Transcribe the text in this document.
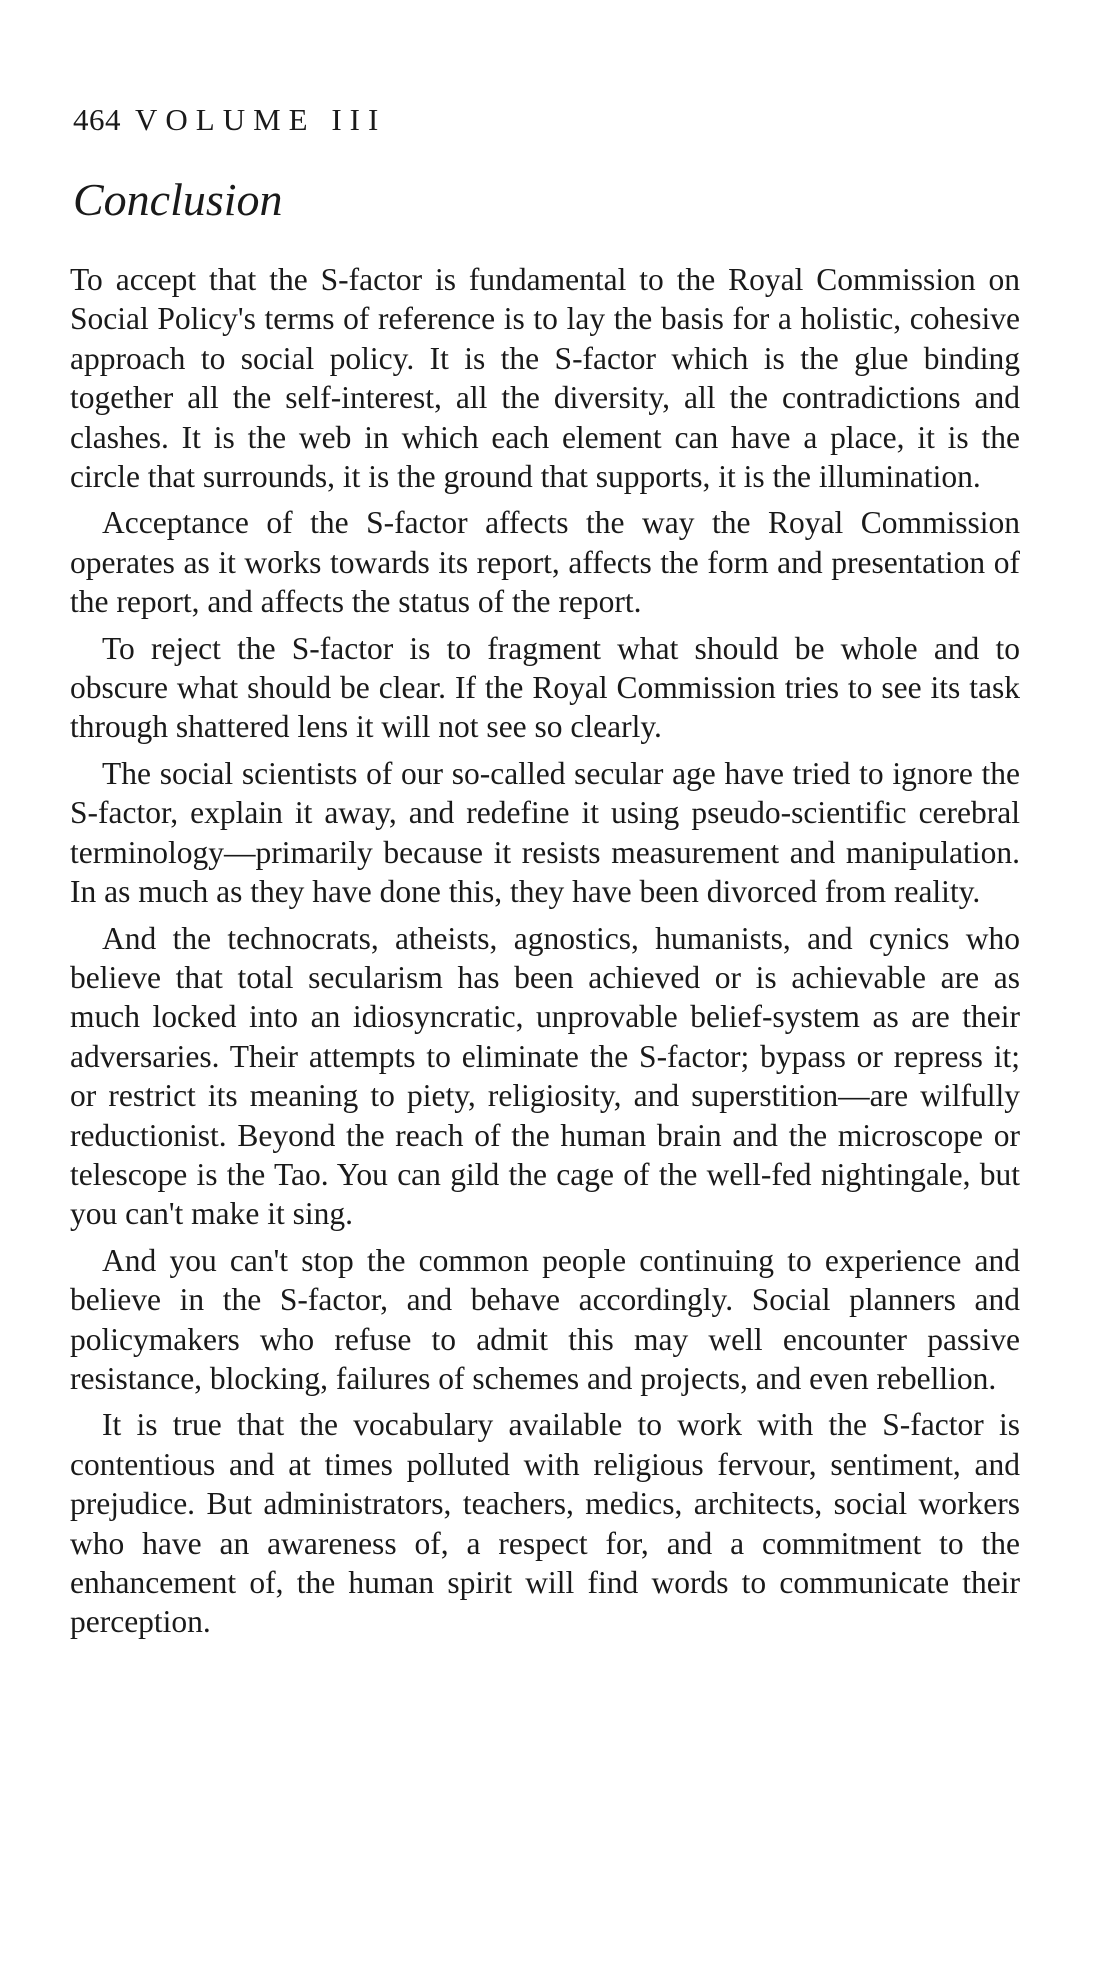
464 VOLUME III
Conclusion

To accept that the S-factor is fundamental to the Royal Commission on Social Policy's terms of reference is to lay the basis for a holistic, cohesive approach to social policy. It is the S-factor which is the glue binding together all the self-interest, all the diversity, all the contradictions and clashes. It is the web in which each element can have a place, it is the circle that surrounds, it is the ground that supports, it is the illumination.

Acceptance of the S-factor affects the way the Royal Commission operates as it works towards its report, affects the form and presentation of the report, and affects the status of the report.

To reject the S-factor is to fragment what should be whole and to obscure what should be clear. If the Royal Commission tries to see its task through shattered lens it will not see so clearly.

The social scientists of our so-called secular age have tried to ignore the S-factor, explain it away, and redefine it using pseudo-scientific cerebral terminology—primarily because it resists measurement and manipulation. In as much as they have done this, they have been divorced from reality.

And the technocrats, atheists, agnostics, humanists, and cynics who believe that total secularism has been achieved or is achievable are as much locked into an idiosyncratic, unprovable belief-system as are their adversaries. Their attempts to eliminate the S-factor; bypass or repress it; or restrict its meaning to piety, religiosity, and superstition—are wilfully reductionist. Beyond the reach of the human brain and the microscope or telescope is the Tao. You can gild the cage of the well-fed nightingale, but you can't make it sing.

And you can't stop the common people continuing to experience and believe in the S-factor, and behave accordingly. Social planners and policymakers who refuse to admit this may well encounter passive resistance, blocking, failures of schemes and projects, and even rebellion.

It is true that the vocabulary available to work with the S-factor is contentious and at times polluted with religious fervour, sentiment, and prejudice. But administrators, teachers, medics, architects, social workers who have an awareness of, a respect for, and a commitment to the enhancement of, the human spirit will find words to communicate their perception.
